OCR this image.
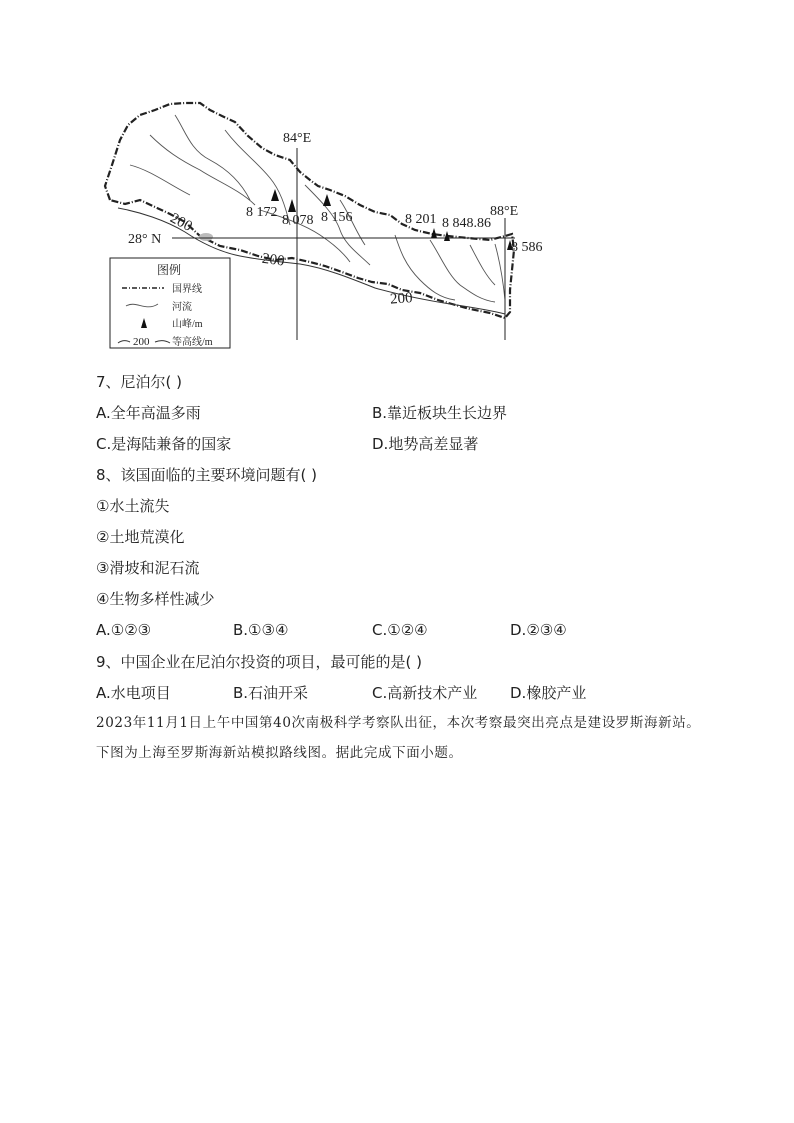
84°E
88°E
28° N
200
200
200
8 172
8 078 8 156	8 201 8 848.86
8 586
图例
国界线
河流
山峰/m
200 等高线/m
7、尼泊尔( )
A.全年高温多雨	B.靠近板块生长边界
C.是海陆兼备的国家	D.地势高差显著
8、该国面临的主要环境问题有( )
①水土流失
②土地荒漠化
③滑坡和泥石流
④生物多样性减少
A.①②③	B.①③④	C.①②④	D.②③④
9、中国企业在尼泊尔投资的项目，最可能的是( )
A.水电项目	B.石油开采	C.高新技术产业 D.橡胶产业
2023年11月1日上午中国第40次南极科学考察队出征，本次考察最突出亮点是建设罗斯海新站。下图为上海至罗斯海新站模拟路线图。据此完成下面小题。
